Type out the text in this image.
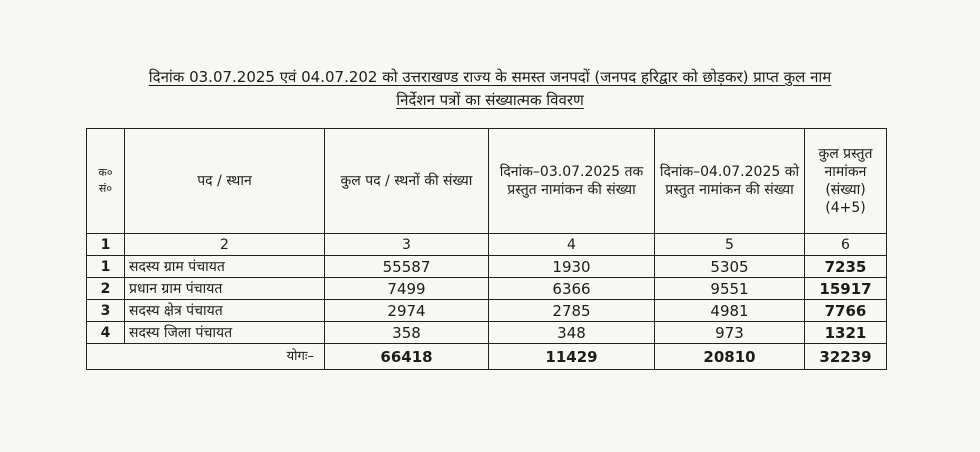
दिनांक 03.07.2025 एवं 04.07.202 को उत्तराखण्ड राज्य के समस्त जनपदों (जनपद हरिद्वार को छोड़कर) प्राप्त कुल नाम
निर्देशन पत्रों का संख्यात्मक विवरण
क० सं०	पद / स्थान	कुल पद / स्थनों की संख्या	दिनांक–03.07.2025 तक प्रस्तुत नामांकन की संख्या	दिनांक–04.07.2025 को प्रस्तुत नामांकन की संख्या	कुल प्रस्तुत नामांकन (संख्या) (4+5)
1	2	3	4	5	6
1	सदस्य ग्राम पंचायत	55587	1930	5305	7235
2	प्रधान ग्राम पंचायत	7499	6366	9551	15917
3	सदस्य क्षेत्र पंचायत	2974	2785	4981	7766
4	सदस्य जिला पंचायत	358	348	973	1321
योगः–		66418	11429	20810	32239
